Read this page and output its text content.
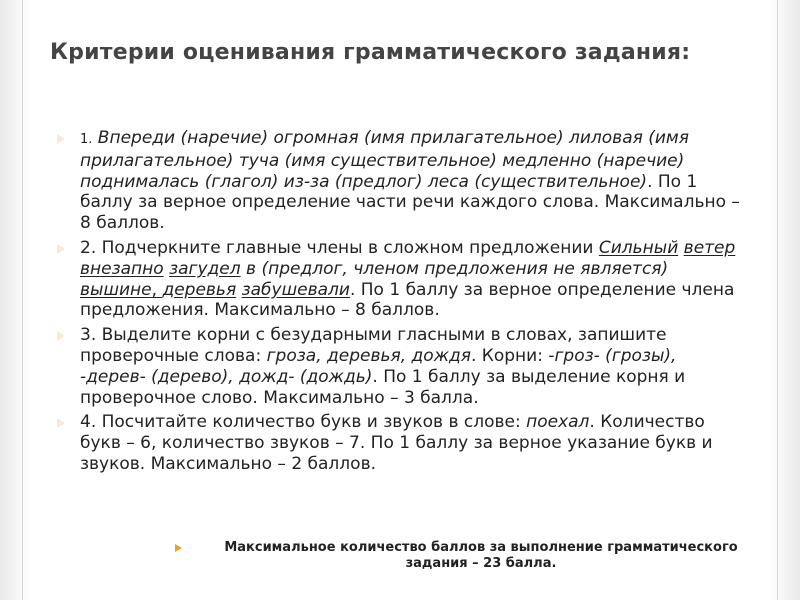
Критерии оценивания грамматического задания:
1. Впереди (наречие) огромная (имя прилагательное) лиловая (имя прилагательное) туча (имя существительное) медленно (наречие) поднималась (глагол) из-за (предлог) леса (существительное). По 1 баллу за верное определение части речи каждого слова. Максимально – 8 баллов.
2. Подчеркните главные члены в сложном предложении Сильный ветер внезапно загудел в (предлог, членом предложения не является) вышине, деревья забушевали. По 1 баллу за верное определение члена предложения. Максимально – 8 баллов.
3. Выделите корни с безударными гласными в словах, запишите проверочные слова: гроза, деревья, дождя. Корни: -гроз- (грозы), -дерев- (дерево), дожд- (дождь). По 1 баллу за выделение корня и проверочное слово. Максимально – 3 балла.
4. Посчитайте количество букв и звуков в слове: поехал. Количество букв – 6, количество звуков – 7. По 1 баллу за верное указание букв и звуков. Максимально – 2 баллов.
Максимальное количество баллов за выполнение грамматического задания – 23 балла.
